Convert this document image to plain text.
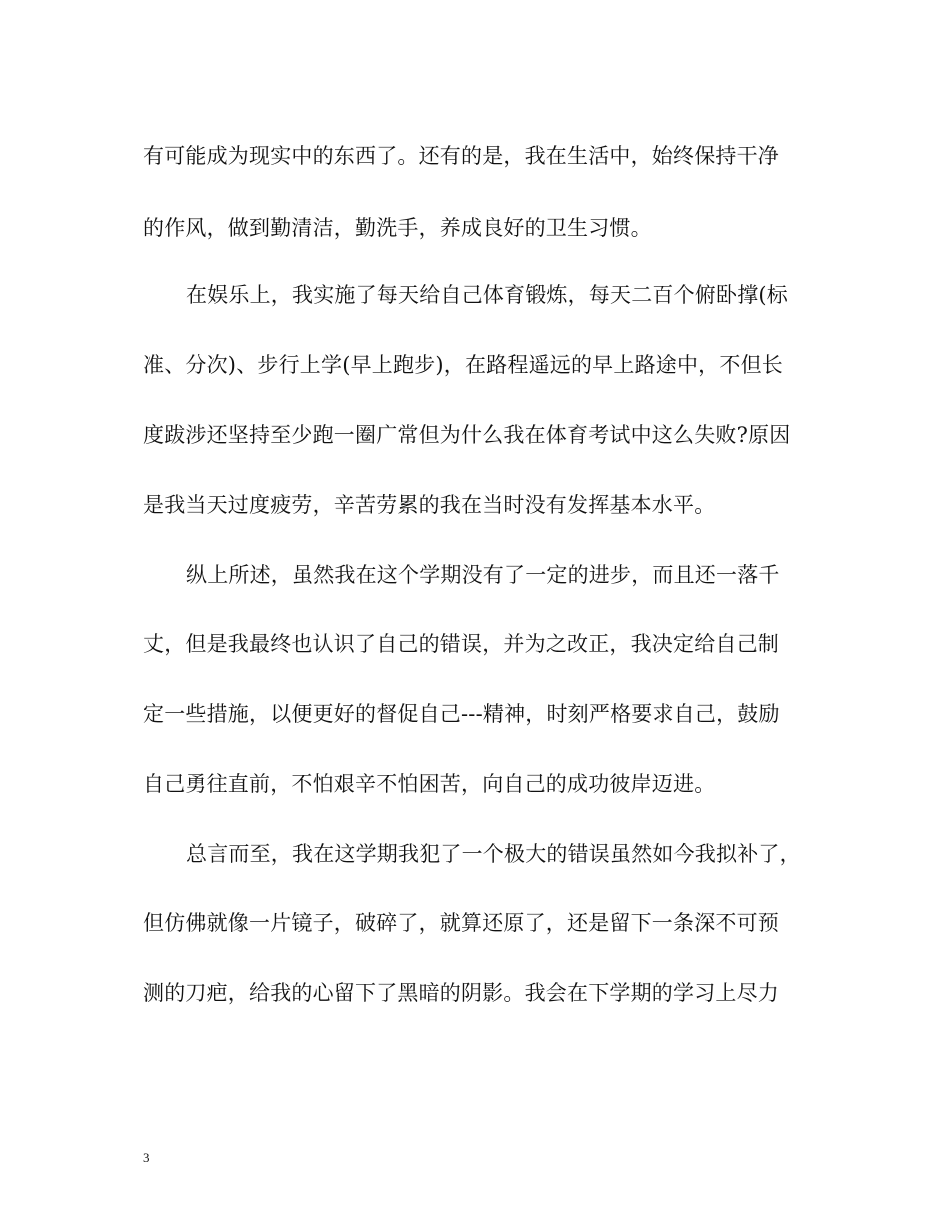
有可能成为现实中的东西了。还有的是，我在生活中，始终保持干净
的作风，做到勤清洁，勤洗手，养成良好的卫生习惯。
在娱乐上，我实施了每天给自己体育锻炼，每天二百个俯卧撑(标
准、分次)、步行上学(早上跑步)，在路程遥远的早上路途中，不但长
度跋涉还坚持至少跑一圈广常但为什么我在体育考试中这么失败?原因
是我当天过度疲劳，辛苦劳累的我在当时没有发挥基本水平。
纵上所述，虽然我在这个学期没有了一定的进步，而且还一落千
丈，但是我最终也认识了自己的错误，并为之改正，我决定给自己制
定一些措施，以便更好的督促自己---精神，时刻严格要求自己，鼓励
自己勇往直前，不怕艰辛不怕困苦，向自己的成功彼岸迈进。
总言而至，我在这学期我犯了一个极大的错误虽然如今我拟补了，
但仿佛就像一片镜子，破碎了，就算还原了，还是留下一条深不可预
测的刀疤，给我的心留下了黑暗的阴影。我会在下学期的学习上尽力
3
